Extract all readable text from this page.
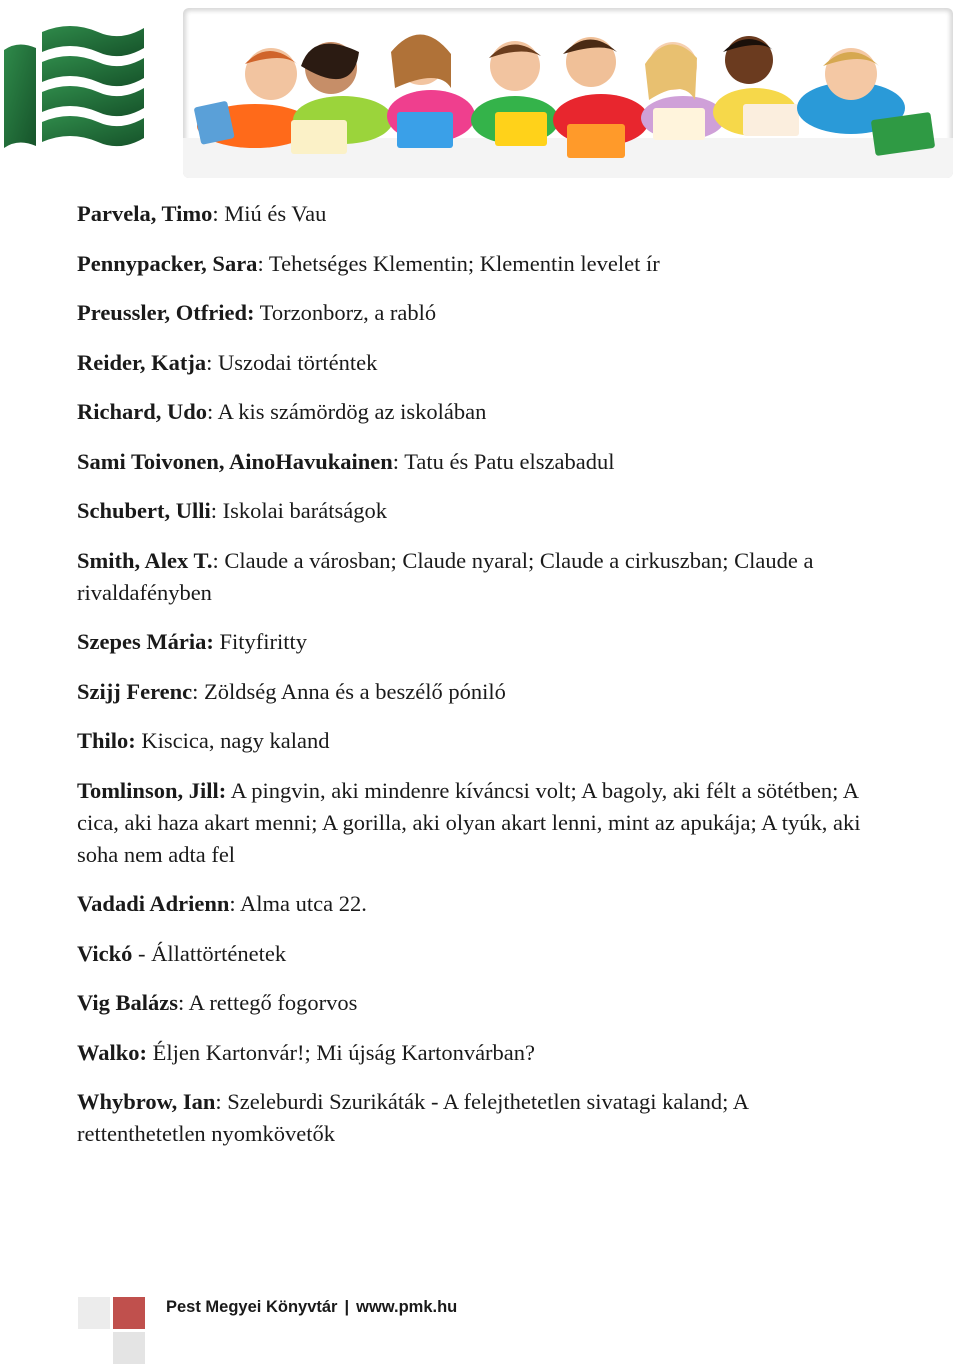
Parvela, Timo: Miú és Vau

Pennypacker, Sara: Tehetséges Klementin; Klementin levelet ír

Preussler, Otfried: Torzonborz, a rabló

Reider, Katja: Uszodai történtek

Richard, Udo: A kis számördög az iskolában

Sami Toivonen, AinoHavukainen: Tatu és Patu elszabadul

Schubert, Ulli: Iskolai barátságok

Smith, Alex T.: Claude a városban; Claude nyaral; Claude a cirkuszban; Claude a rivaldafényben

Szepes Mária: Fityfiritty

Szijj Ferenc: Zöldség Anna és a beszélő póniló

Thilo: Kiscica, nagy kaland

Tomlinson, Jill: A pingvin, aki mindenre kíváncsi volt; A bagoly, aki félt a sötétben; A cica, aki haza akart menni; A gorilla, aki olyan akart lenni, mint az apukája; A tyúk, aki soha nem adta fel

Vadadi Adrienn: Alma utca 22.

Vickó - Állattörténetek

Vig Balázs: A rettegő fogorvos

Walko: Éljen Kartonvár!; Mi újság Kartonvárban?

Whybrow, Ian: Szeleburdi Szurikáták - A felejthetetlen sivatagi kaland; A rettenthetetlen nyomkövetők

Pest Megyei Könyvtár | www.pmk.hu
